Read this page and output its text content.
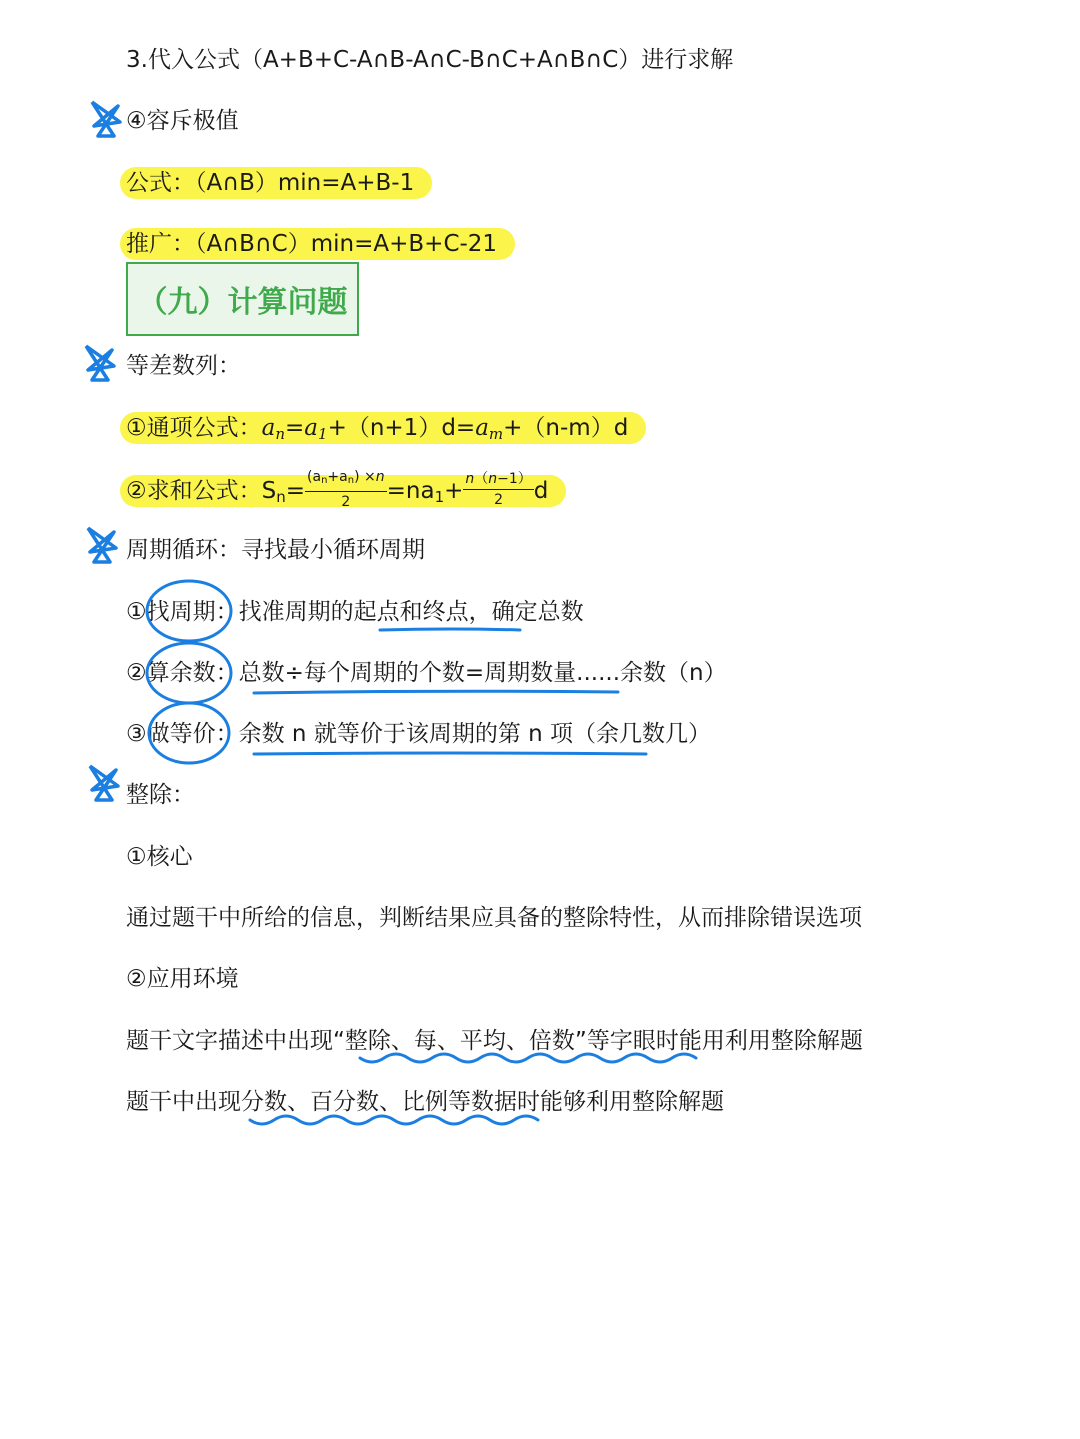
3.代入公式（A+B+C-A∩B-A∩C-B∩C+A∩B∩C）进行求解
④容斥极值
公式：（A∩B）min=A+B-1
推广：（A∩B∩C）min=A+B+C-21
（九）计算问题
等差数列：
①通项公式：$a_n=a_1+(n+1)d=a_m+(n-m)d$
②求和公式：$S_n= \frac{(a_n+a_n) \times n}{2} =na_1+ \frac{n(n-1)}{2}$ d
周期循环：寻找最小循环周期
①找周期：找准周期的起点和终点，确定总数
②算余数：总数÷每个周期的个数=周期数量......余数（n）
③做等价：余数 n 就等价于该周期的第 n 项（余几数几）
整除：
①核心
通过题干中所给的信息，判断结果应具备的整除特性，从而排除错误选项
②应用环境
题干文字描述中出现“整除、每、平均、倍数”等字眼时能用利用整除解题
题干中出现分数、百分数、比例等数据时能够利用整除解题
